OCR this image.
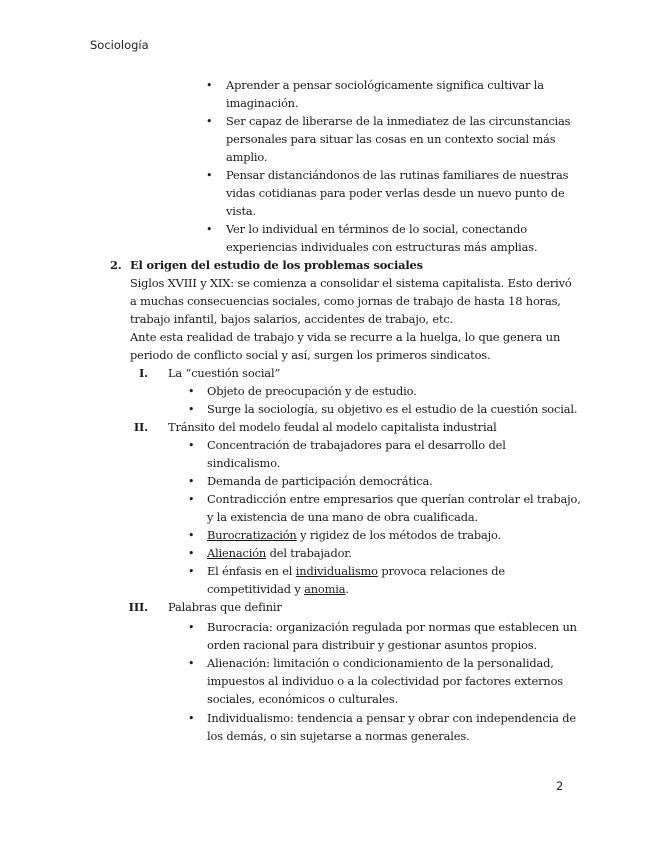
Sociología
• Aprender a pensar sociológicamente significa cultivar la
imaginación.
• Ser capaz de liberarse de la inmediatez de las circunstancias
personales para situar las cosas en un contexto social más
amplio.
• Pensar distanciándonos de las rutinas familiares de nuestras
vidas cotidianas para poder verlas desde un nuevo punto de
vista.
• Ver lo individual en términos de lo social, conectando
experiencias individuales con estructuras más amplias.
2. El origen del estudio de los problemas sociales
Siglos XVIII y XIX: se comienza a consolidar el sistema capitalista. Esto derivó
a muchas consecuencias sociales, como jornas de trabajo de hasta 18 horas,
trabajo infantil, bajos salarios, accidentes de trabajo, etc.
Ante esta realidad de trabajo y vida se recurre a la huelga, lo que genera un
periodo de conflicto social y así, surgen los primeros sindicatos.
I. La “cuestión social”
• Objeto de preocupación y de estudio.
• Surge la sociología, su objetivo es el estudio de la cuestión social.
II. Tránsito del modelo feudal al modelo capitalista industrial
• Concentración de trabajadores para el desarrollo del
sindicalismo.
• Demanda de participación democrática.
• Contradicción entre empresarios que querían controlar el trabajo,
y la existencia de una mano de obra cualificada.
• Burocratización y rigidez de los métodos de trabajo.
• Alienación del trabajador.
• El énfasis en el individualismo provoca relaciones de
competitividad y anomia.
III. Palabras que definir
• Burocracia: organización regulada por normas que establecen un
orden racional para distribuir y gestionar asuntos propios.
• Alienación: limitación o condicionamiento de la personalidad,
impuestos al individuo o a la colectividad por factores externos
sociales, económicos o culturales.
• Individualismo: tendencia a pensar y obrar con independencia de
los demás, o sin sujetarse a normas generales.
2
